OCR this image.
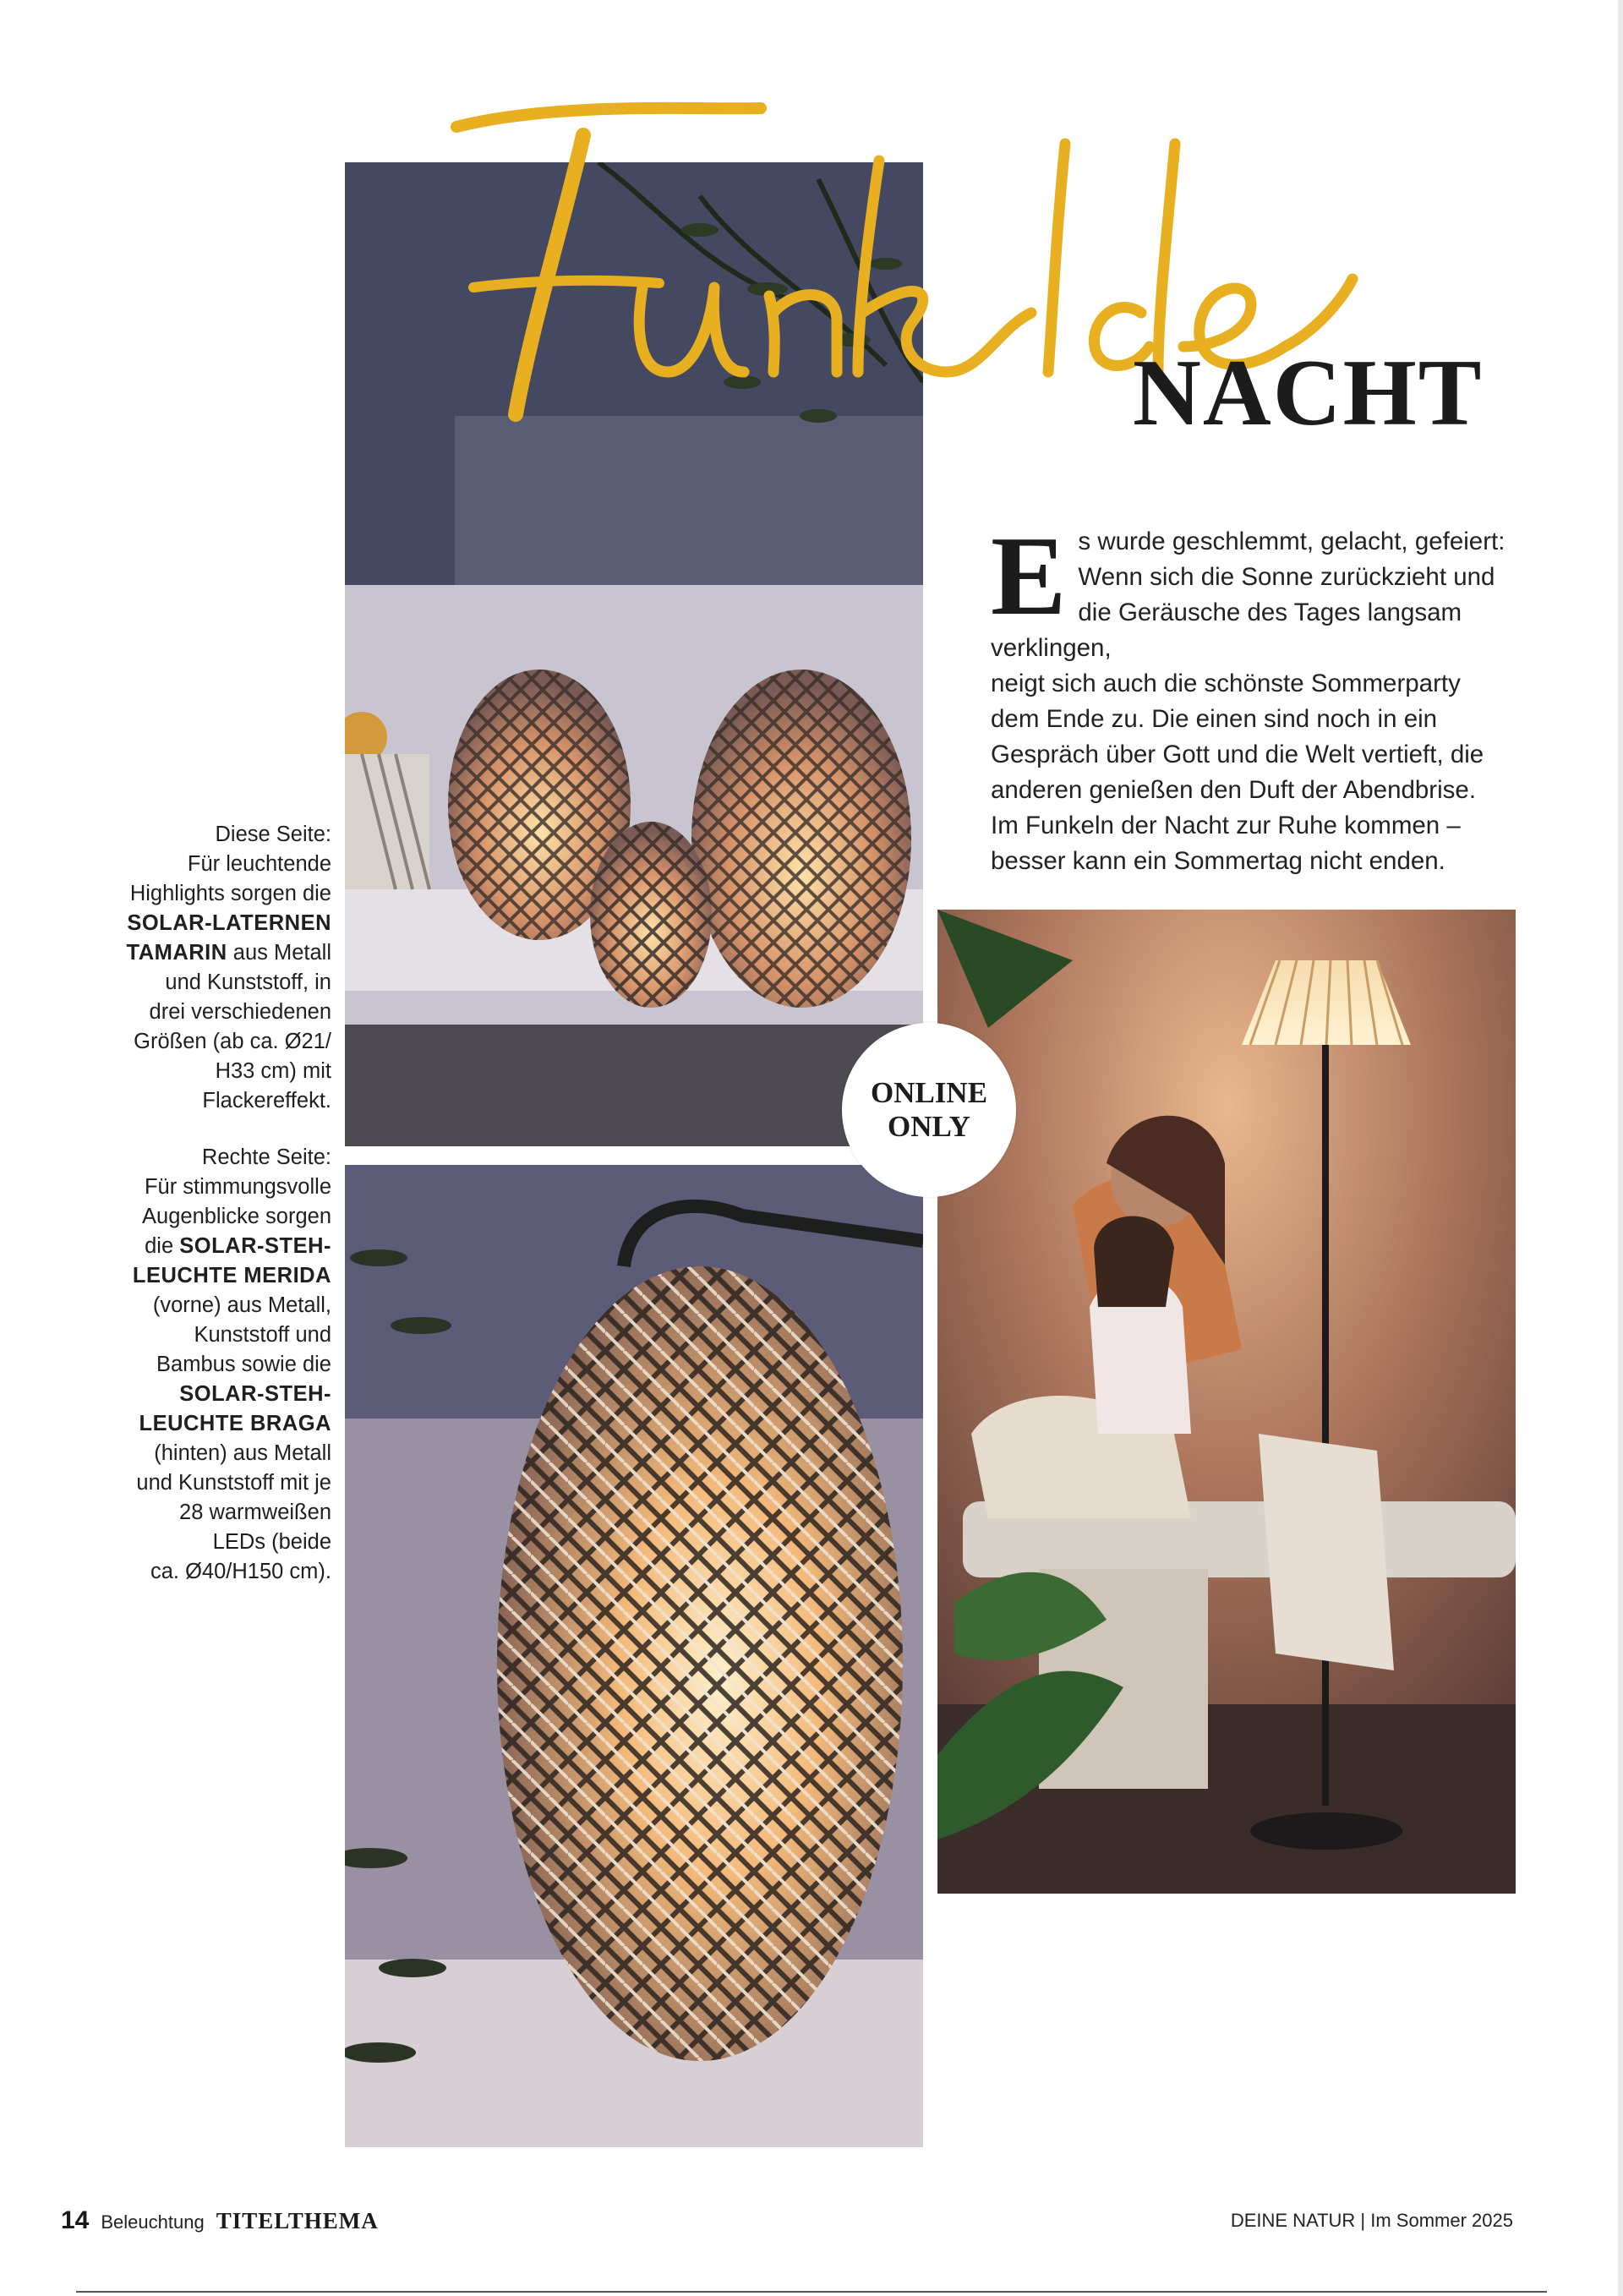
NACHT
E s wurde geschlemmt, gelacht, gefeiert:
Wenn sich die Sonne zurückzieht und
die Geräusche des Tages langsam verklingen,
neigt sich auch die schönste Sommerparty
dem Ende zu. Die einen sind noch in ein
Gespräch über Gott und die Welt vertieft, die
anderen genießen den Duft der Abendbrise.
Im Funkeln der Nacht zur Ruhe kommen –
besser kann ein Sommertag nicht enden.
Diese Seite:
Für leuchtende
Highlights sorgen die
SOLAR-LATERNEN
TAMARIN aus Metall
und Kunststoff, in
drei verschiedenen
Größen (ab ca. Ø21/
H33 cm) mit
Flackereffekt.
Rechte Seite:
Für stimmungsvolle
Augenblicke sorgen
die SOLAR-STEH-
LEUCHTE MERIDA
(vorne) aus Metall,
Kunststoff und
Bambus sowie die
SOLAR-STEH-
LEUCHTE BRAGA
(hinten) aus Metall
und Kunststoff mit je
28 warmweißen
LEDs (beide
ca. Ø40/H150 cm).
ONLINE
ONLY
14 Beleuchtung TITELTHEMA	DEINE NATUR | Im Sommer 2025
